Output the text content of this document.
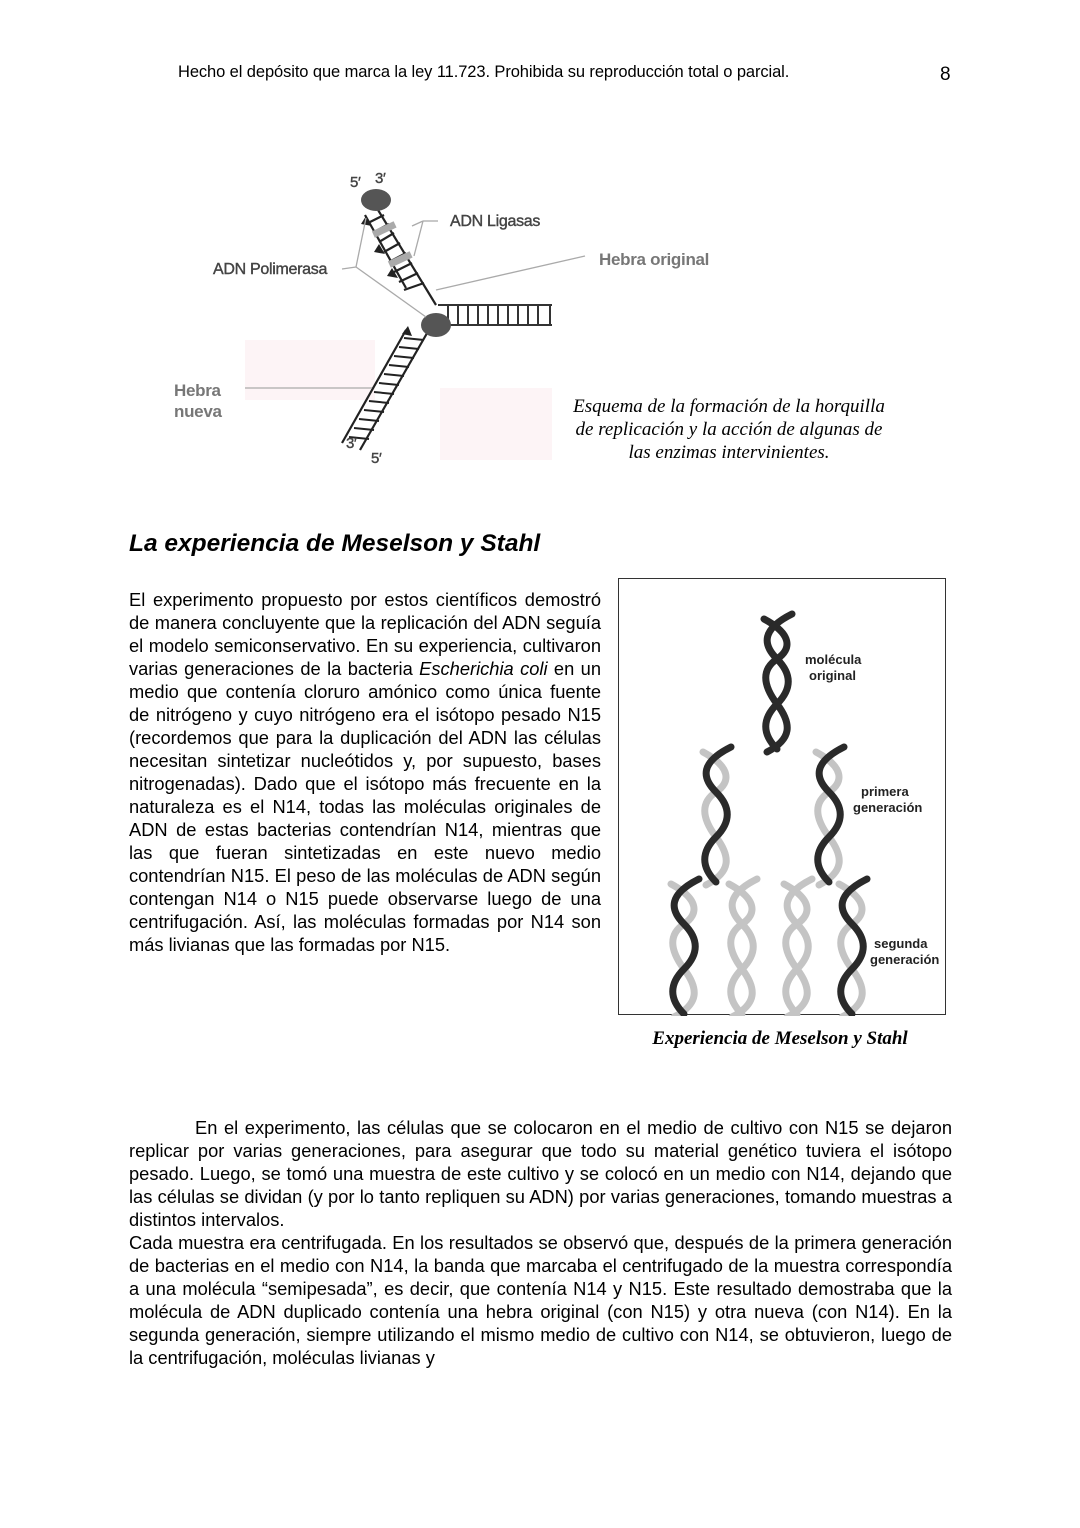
Hecho el depósito que marca la ley 11.723. Prohibida su reproducción total o parcial.	8
5′ 3′
ADN Ligasas
ADN Polimerasa
Hebra original
Hebra nueva
3′
5′
Esquema de la formación de la horquilla de replicación y la acción de algunas de las enzimas intervinientes.
La experiencia de Meselson y Stahl
El experimento propuesto por estos científicos demostró de manera concluyente que la replicación del ADN seguía el modelo semiconservativo. En su experiencia, cultivaron varias generaciones de la bacteria Escherichia coli en un medio que contenía cloruro amónico como única fuente de nitrógeno y cuyo nitrógeno era el isótopo pesado N15 (recordemos que para la duplicación del ADN las células necesitan sintetizar nucleótidos y, por supuesto, bases nitrogenadas). Dado que el isótopo más frecuente en la naturaleza es el N14, todas las moléculas originales de ADN de estas bacterias contendrían N14, mientras que las que fueran sintetizadas en este nuevo medio contendrían N15. El peso de las moléculas de ADN según contengan N14 o N15 puede observarse luego de una centrifugación. Así, las moléculas formadas por N14 son más livianas que las formadas por N15.
molécula
original
primera
generación
segunda
generación
Experiencia de Meselson y Stahl

En el experimento, las células que se colocaron en el medio de cultivo con N15 se dejaron replicar por varias generaciones, para asegurar que todo su material genético tuviera el isótopo pesado. Luego, se tomó una muestra de este cultivo y se colocó en un medio con N14, dejando que las células se dividan (y por lo tanto repliquen su ADN) por varias generaciones, tomando muestras a distintos intervalos.

Cada muestra era centrifugada. En los resultados se observó que, después de la primera generación de bacterias en el medio con N14, la banda que marcaba el centrifugado de la muestra correspondía a una molécula “semipesada”, es decir, que contenía N14 y N15. Este resultado demostraba que la molécula de ADN duplicado contenía una hebra original (con N15) y otra nueva (con N14). En la segunda generación, siempre utilizando el mismo medio de cultivo con N14, se obtuvieron, luego de la centrifugación, moléculas livianas y
